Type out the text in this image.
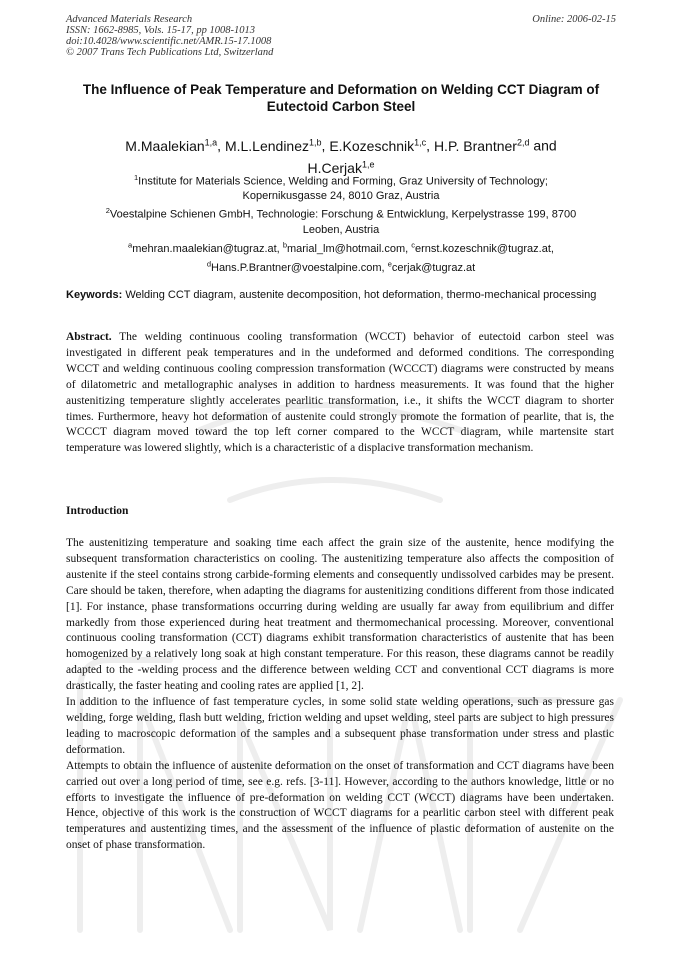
Advanced Materials Research
ISSN: 1662-8985, Vols. 15-17, pp 1008-1013
doi:10.4028/www.scientific.net/AMR.15-17.1008
© 2007 Trans Tech Publications Ltd, Switzerland
Online: 2006-02-15
The Influence of Peak Temperature and Deformation on Welding CCT Diagram of Eutectoid Carbon Steel
M.Maalekian$^{1,a}$, M.L.Lendinez$^{1,b}$, E.Kozeschnik$^{1,c}$, H.P. Brantner$^{2,d}$ and
H.Cerjak$^{1,e}$
$^1$Institute for Materials Science, Welding and Forming, Graz University of Technology;
Kopernikusgasse 24, 8010 Graz, Austria
$^2$Voestalpine Schienen GmbH, Technologie: Forschung & Entwicklung, Kerpelystrasse 199, 8700
Leoben, Austria
$^a$mehran.maalekian@tugraz.at, $^b$marial_lm@hotmail.com, $^c$ernst.kozeschnik@tugraz.at,
$^d$Hans.P.Brantner@voestalpine.com, $^e$cerjak@tugraz.at
Keywords: Welding CCT diagram, austenite decomposition, hot deformation, thermo-mechanical processing
Abstract. The welding continuous cooling transformation (WCCT) behavior of eutectoid carbon steel was investigated in different peak temperatures and in the undeformed and deformed conditions. The corresponding WCCT and welding continuous cooling compression transformation (WCCCT) diagrams were constructed by means of dilatometric and metallographic analyses in addition to hardness measurements. It was found that the higher austenitizing temperature slightly accelerates pearlitic transformation, i.e., it shifts the WCCT diagram to shorter times. Furthermore, heavy hot deformation of austenite could strongly promote the formation of pearlite, that is, the WCCCT diagram moved toward the top left corner compared to the WCCT diagram, while martensite start temperature was lowered slightly, which is a characteristic of a displacive transformation mechanism.
Introduction

The austenitizing temperature and soaking time each affect the grain size of the austenite, hence modifying the subsequent transformation characteristics on cooling. The austenitizing temperature also affects the composition of austenite if the steel contains strong carbide-forming elements and consequently undissolved carbides may be present. Care should be taken, therefore, when adapting the diagrams for austenitizing conditions different from those indicated [1]. For instance, phase transformations occurring during welding are usually far away from equilibrium and differ markedly from those experienced during heat treatment and thermomechanical processing. Moreover, conventional continuous cooling transformation (CCT) diagrams exhibit transformation characteristics of austenite that has been homogenized by a relatively long soak at high constant temperature. For this reason, these diagrams cannot be readily adapted to the -welding process and the difference between welding CCT and conventional CCT diagrams is more drastically, the faster heating and cooling rates are applied [1, 2].

In addition to the influence of fast temperature cycles, in some solid state welding operations, such as pressure gas welding, forge welding, flash butt welding, friction welding and upset welding, steel parts are subject to high pressures leading to macroscopic deformation of the samples and a subsequent phase transformation under stress and plastic deformation.

Attempts to obtain the influence of austenite deformation on the onset of transformation and CCT diagrams have been carried out over a long period of time, see e.g. refs. [3-11]. However, according to the authors knowledge, little or no efforts to investigate the influence of pre-deformation on welding CCT (WCCT) diagrams have been undertaken. Hence, objective of this work is the construction of WCCT diagrams for a pearlitic carbon steel with different peak temperatures and austentizing times, and the assessment of the influence of plastic deformation of austenite on the onset of phase transformation.
